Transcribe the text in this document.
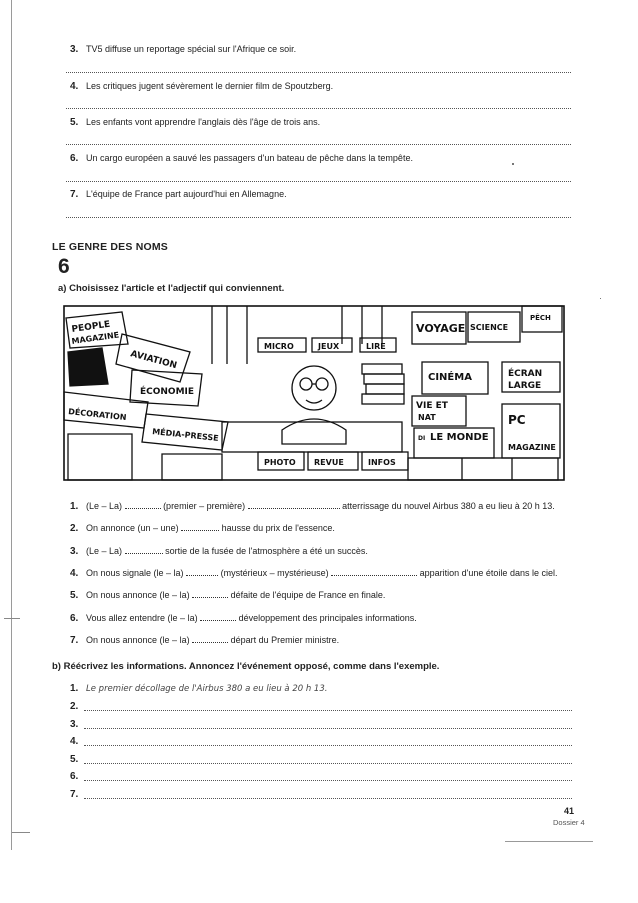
3. TV5 diffuse un reportage spécial sur l'Afrique ce soir.
4. Les critiques jugent sévèrement le dernier film de Spoutzberg.
5. Les enfants vont apprendre l'anglais dès l'âge de trois ans.
6. Un cargo européen a sauvé les passagers d'un bateau de pêche dans la tempête.
7. L'équipe de France part aujourd'hui en Allemagne.
LE GENRE DES NOMS
6
a) Choisissez l'article et l'adjectif qui conviennent.
PEOPLE
MAGAZINE
AVIATION
ÉCONOMIE
DÉCORATION
MÉDIA-PRESSE
MICRO	JEUX	LIRE
PHOTO REVUE	INFOS
VOYAGE SCIENCE
PÊCH
CINÉMA	ÉCRAN
LARGE
VIE ET
NAT
DI LE MONDE
PC
MAGAZINE
1. (Le – La)	(premier – première)	atterrissage du nouvel Airbus 380 a eu lieu à 20 h 13.
2. On annonce (un – une)	hausse du prix de l'essence.
3. (Le – La)	sortie de la fusée de l'atmosphère a été un succès.
4. On nous signale (le – la)	(mystérieux – mystérieuse)	apparition d'une étoile dans le ciel.
5. On nous annonce (le – la)	défaite de l'équipe de France en finale.
6. Vous allez entendre (le – la)	développement des principales informations.
7. On nous annonce (le – la)	départ du Premier ministre.
b) Réécrivez les informations. Annoncez l'événement opposé, comme dans l'exemple.
1. Le premier décollage de l'Airbus 380 a eu lieu à 20 h 13.
2.
3.
4.
5.
6.
7.
41
Dossier 4
